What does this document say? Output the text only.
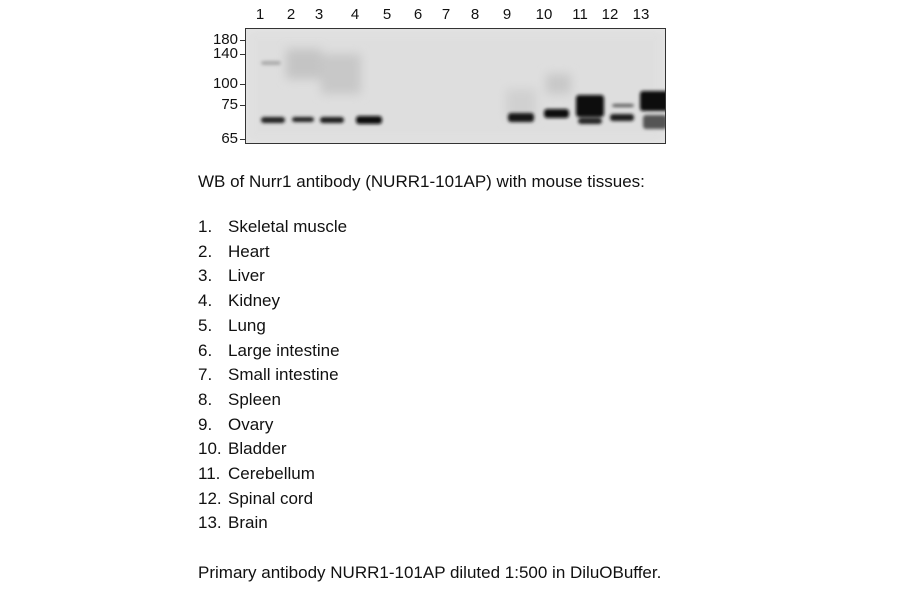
1 2 3 4 5 6 7 8 9 10 11 12 13
180
140
100
75
65
WB of Nurr1 antibody (NURR1-101AP) with mouse tissues:
1. Skeletal muscle
2. Heart
3. Liver
4. Kidney
5. Lung
6. Large intestine
7. Small intestine
8. Spleen
9. Ovary
10. Bladder
11. Cerebellum
12. Spinal cord
13. Brain
Primary antibody NURR1-101AP diluted 1:500 in DiluOBuffer.
